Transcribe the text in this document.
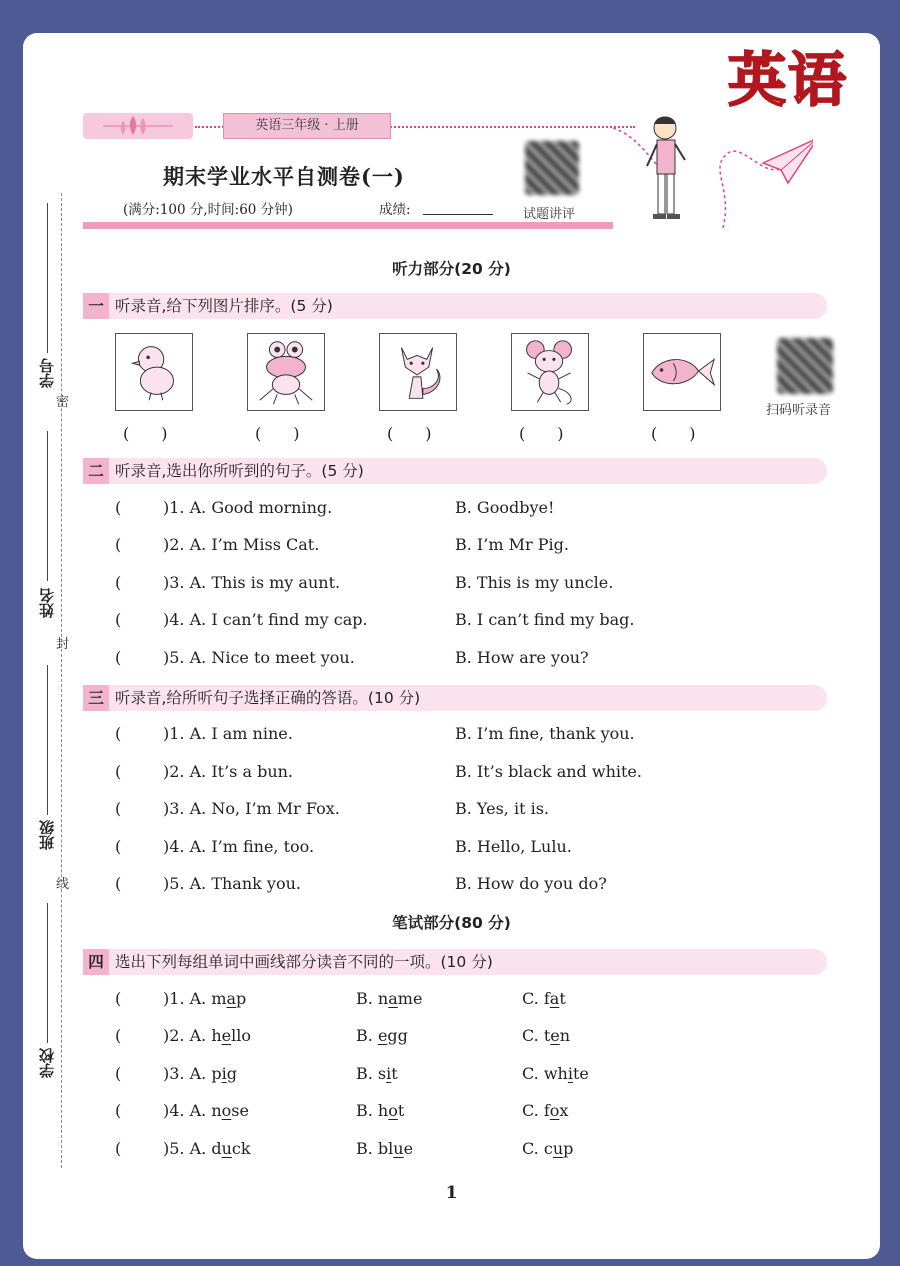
英语
英语三年级 · 上册
期末学业水平自测卷(一)
(满分:100 分,时间:60 分钟)	成绩:	试题讲评
听力部分(20 分)
一 听录音,给下列图片排序。(5 分)
扫码听录音
(　　)	(　　)	(　　)	(　　)	(　　)
二 听录音,选出你所听到的句子。(5 分)
(	)1. A. Good morning.	B. Goodbye!
(	)2. A. I’m Miss Cat.	B. I’m Mr Pig.
(	)3. A. This is my aunt.	B. This is my uncle.
(	)4. A. I can’t find my cap.	B. I can’t find my bag.
(	)5. A. Nice to meet you.	B. How are you?
三 听录音,给所听句子选择正确的答语。(10 分)
(	)1. A. I am nine.	B. I’m fine, thank you.
(	)2. A. It’s a bun.	B. It’s black and white.
(	)3. A. No, I’m Mr Fox.	B. Yes, it is.
(	)4. A. I’m fine, too.	B. Hello, Lulu.
(	)5. A. Thank you.	B. How do you do?
笔试部分(80 分)
四 选出下列每组单词中画线部分读音不同的一项。(10 分)
(	)1. A. map	B. name	C. fat
(	)2. A. hello	B. egg	C. ten
(	)3. A. pig	B. sit	C. white
(	)4. A. nose	B. hot	C. fox
(	)5. A. duck	B. blue	C. cup
学号
密
姓名
封
班级
线
学校
1
